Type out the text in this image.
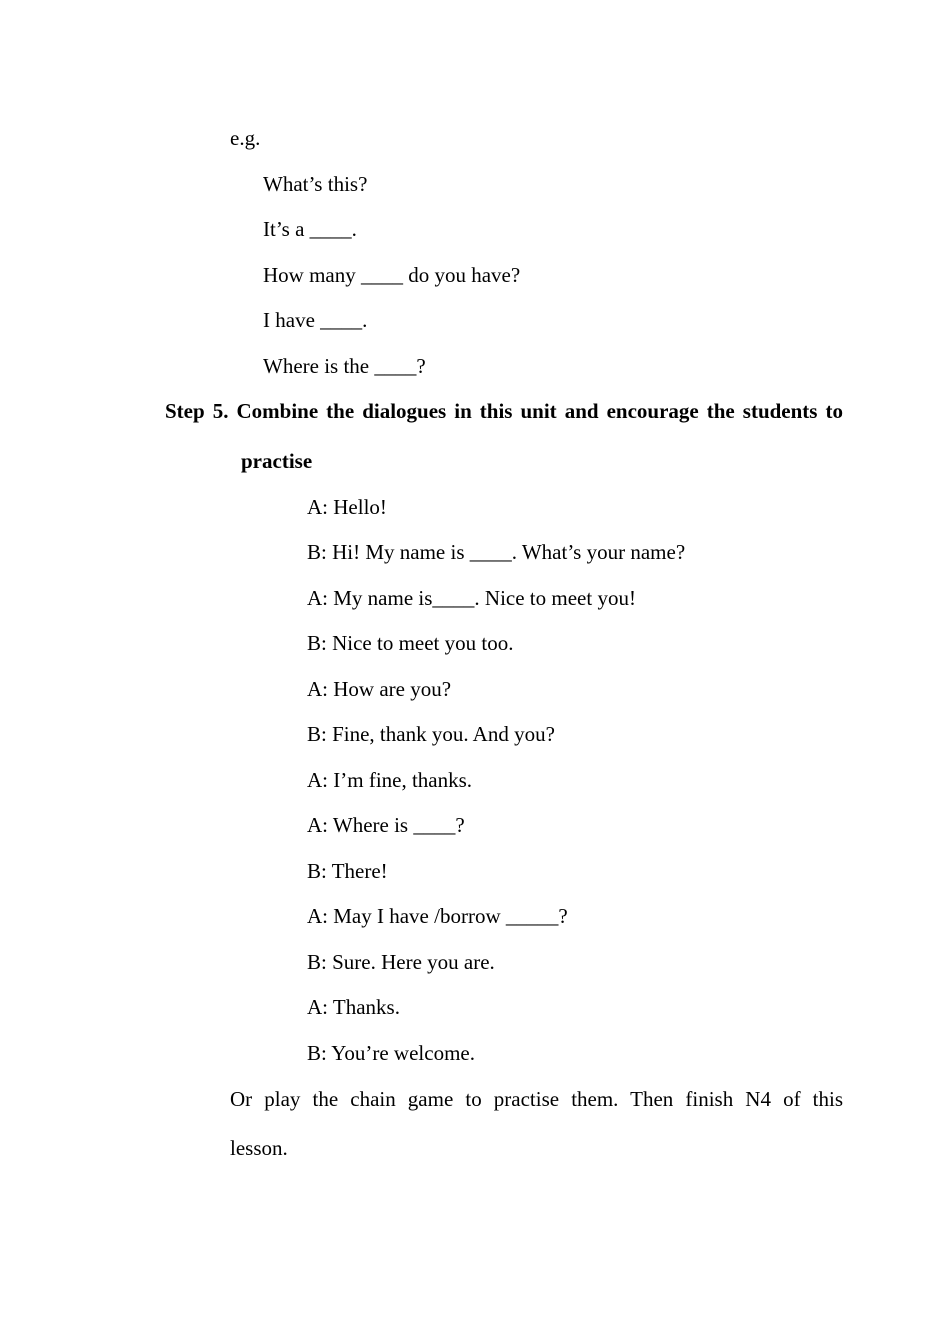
e.g.
What’s this?
It’s a ____.
How many ____ do you have?
I have ____.
Where is the ____?
Step 5. Combine the dialogues in this unit and encourage the students to
practise
A: Hello!
B: Hi! My name is ____. What’s your name?
A: My name is____. Nice to meet you!
B: Nice to meet you too.
A: How are you?
B: Fine, thank you. And you?
A: I’m fine, thanks.
A: Where is ____?
B: There!
A: May I have /borrow _____?
B: Sure. Here you are.
A: Thanks.
B: You’re welcome.
Or play the chain game to practise them. Then finish N4 of this
lesson.
